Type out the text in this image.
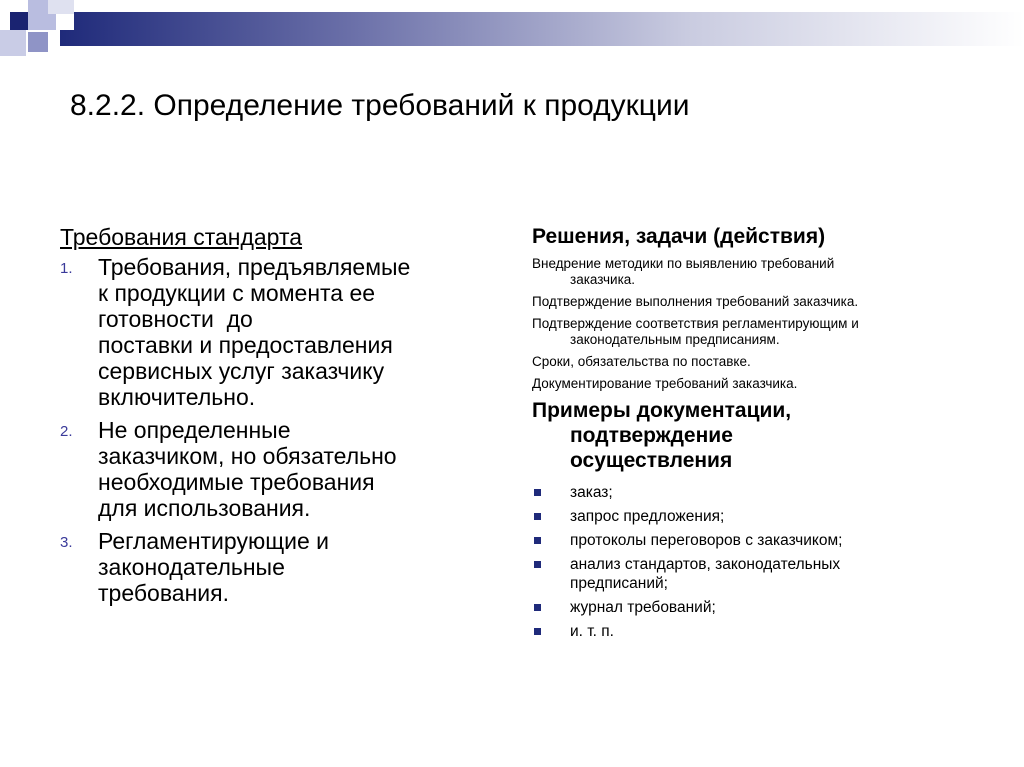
8.2.2. Определение требований к продукции
Требования стандарта
1. Требования, предъявляемые
к продукции с момента ее
готовности  до
поставки и предоставления
сервисных услуг заказчику
включительно.
2. Не определенные
заказчиком, но обязательно
необходимые требования
для использования.
3. Регламентирующие и
законодательные
требования.
Решения, задачи (действия)
Внедрение методики по выявлению требований
заказчика.
Подтверждение выполнения требований заказчика.
Подтверждение соответствия регламентирующим и
законодательным предписаниям.
Сроки, обязательства по поставке.
Документирование требований заказчика.
Примеры документации,
подтверждение
осуществления
заказ;
запрос предложения;
протоколы переговоров с заказчиком;
анализ стандартов, законодательных
предписаний;
журнал требований;
и. т. п.
